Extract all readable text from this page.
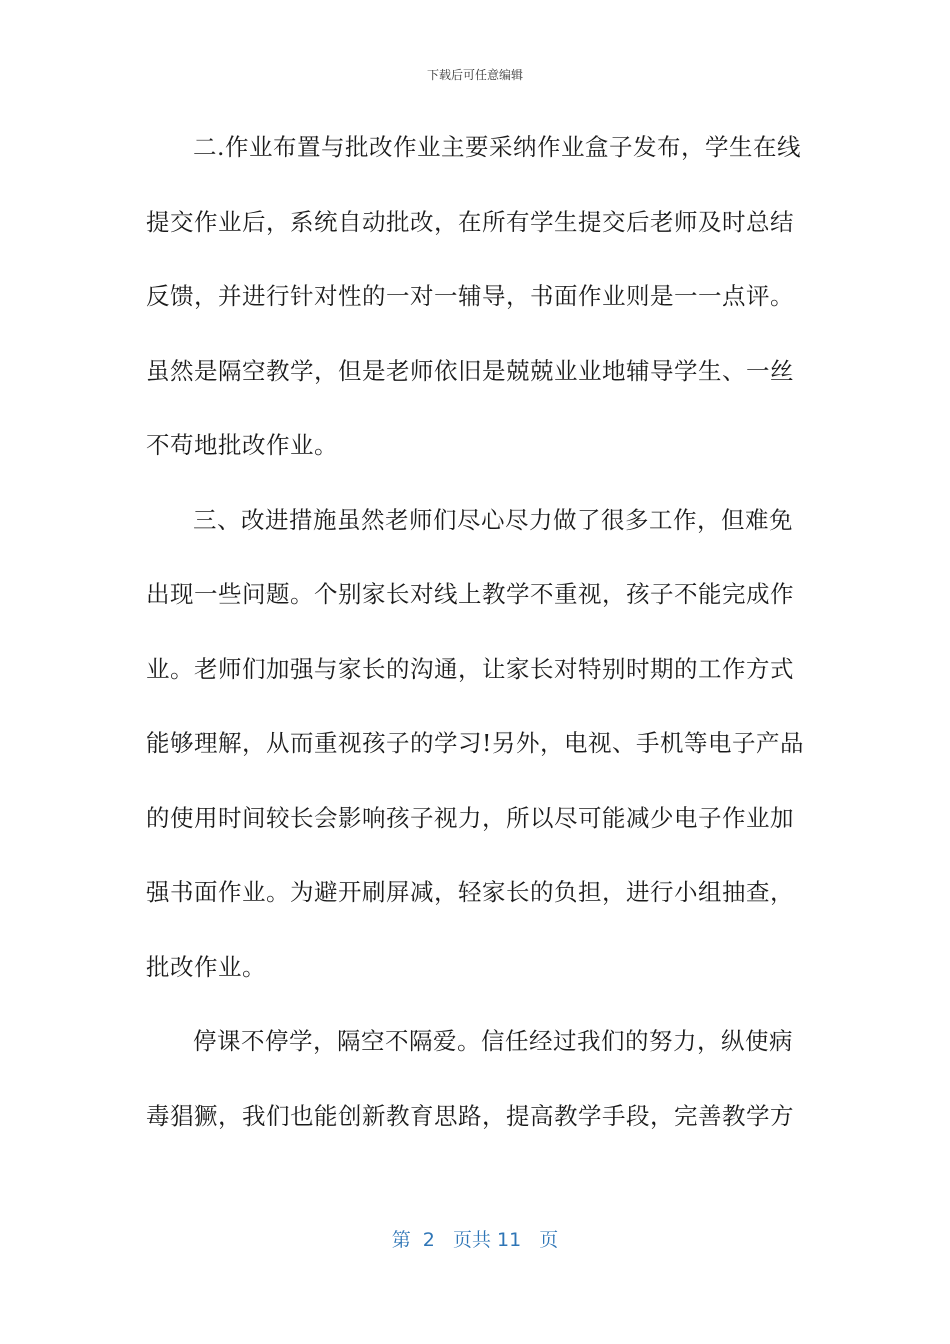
下载后可任意编辑

二.作业布置与批改作业主要采纳作业盒子发布，学生在线提交作业后，系统自动批改，在所有学生提交后老师及时总结反馈，并进行针对性的一对一辅导，书面作业则是一一点评。虽然是隔空教学，但是老师依旧是兢兢业业地辅导学生、一丝不苟地批改作业。

三、改进措施虽然老师们尽心尽力做了很多工作，但难免出现一些问题。个别家长对线上教学不重视，孩子不能完成作业。老师们加强与家长的沟通，让家长对特别时期的工作方式能够理解，从而重视孩子的学习!另外，电视、手机等电子产品的使用时间较长会影响孩子视力，所以尽可能减少电子作业加强书面作业。为避开刷屏减，轻家长的负担，进行小组抽查，批改作业。

停课不停学，隔空不隔爱。信任经过我们的努力，纵使病毒猖獗，我们也能创新教育思路，提高教学手段，完善教学方

第  2   页共 11   页
